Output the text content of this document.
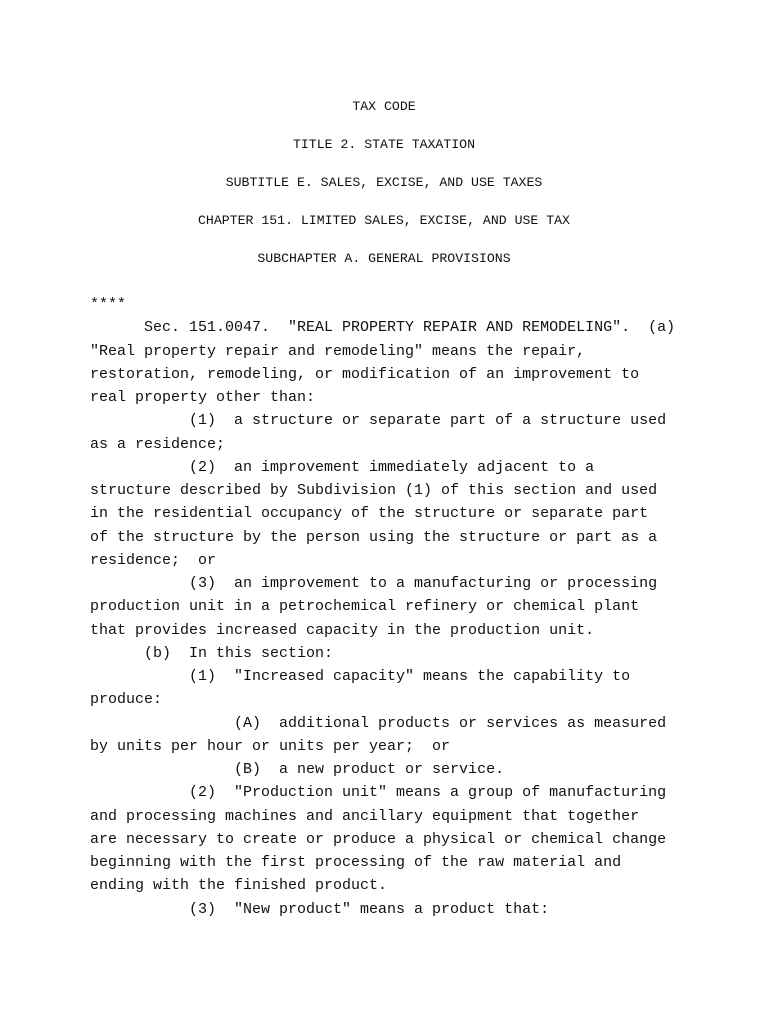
TAX CODE
TITLE 2. STATE TAXATION
SUBTITLE E. SALES, EXCISE, AND USE TAXES
CHAPTER 151. LIMITED SALES, EXCISE, AND USE TAX
SUBCHAPTER A. GENERAL PROVISIONS
****
Sec. 151.0047.  "REAL PROPERTY REPAIR AND REMODELING".  (a)
"Real property repair and remodeling" means the repair,
restoration, remodeling, or modification of an improvement to
real property other than:
(1)  a structure or separate part of a structure used
as a residence;
(2)  an improvement immediately adjacent to a
structure described by Subdivision (1) of this section and used
in the residential occupancy of the structure or separate part
of the structure by the person using the structure or part as a
residence;  or
(3)  an improvement to a manufacturing or processing
production unit in a petrochemical refinery or chemical plant
that provides increased capacity in the production unit.
(b)  In this section:
(1)  "Increased capacity" means the capability to
produce:
(A)  additional products or services as measured
by units per hour or units per year;  or
(B)  a new product or service.
(2)  "Production unit" means a group of manufacturing
and processing machines and ancillary equipment that together
are necessary to create or produce a physical or chemical change
beginning with the first processing of the raw material and
ending with the finished product.
(3)  "New product" means a product that:
